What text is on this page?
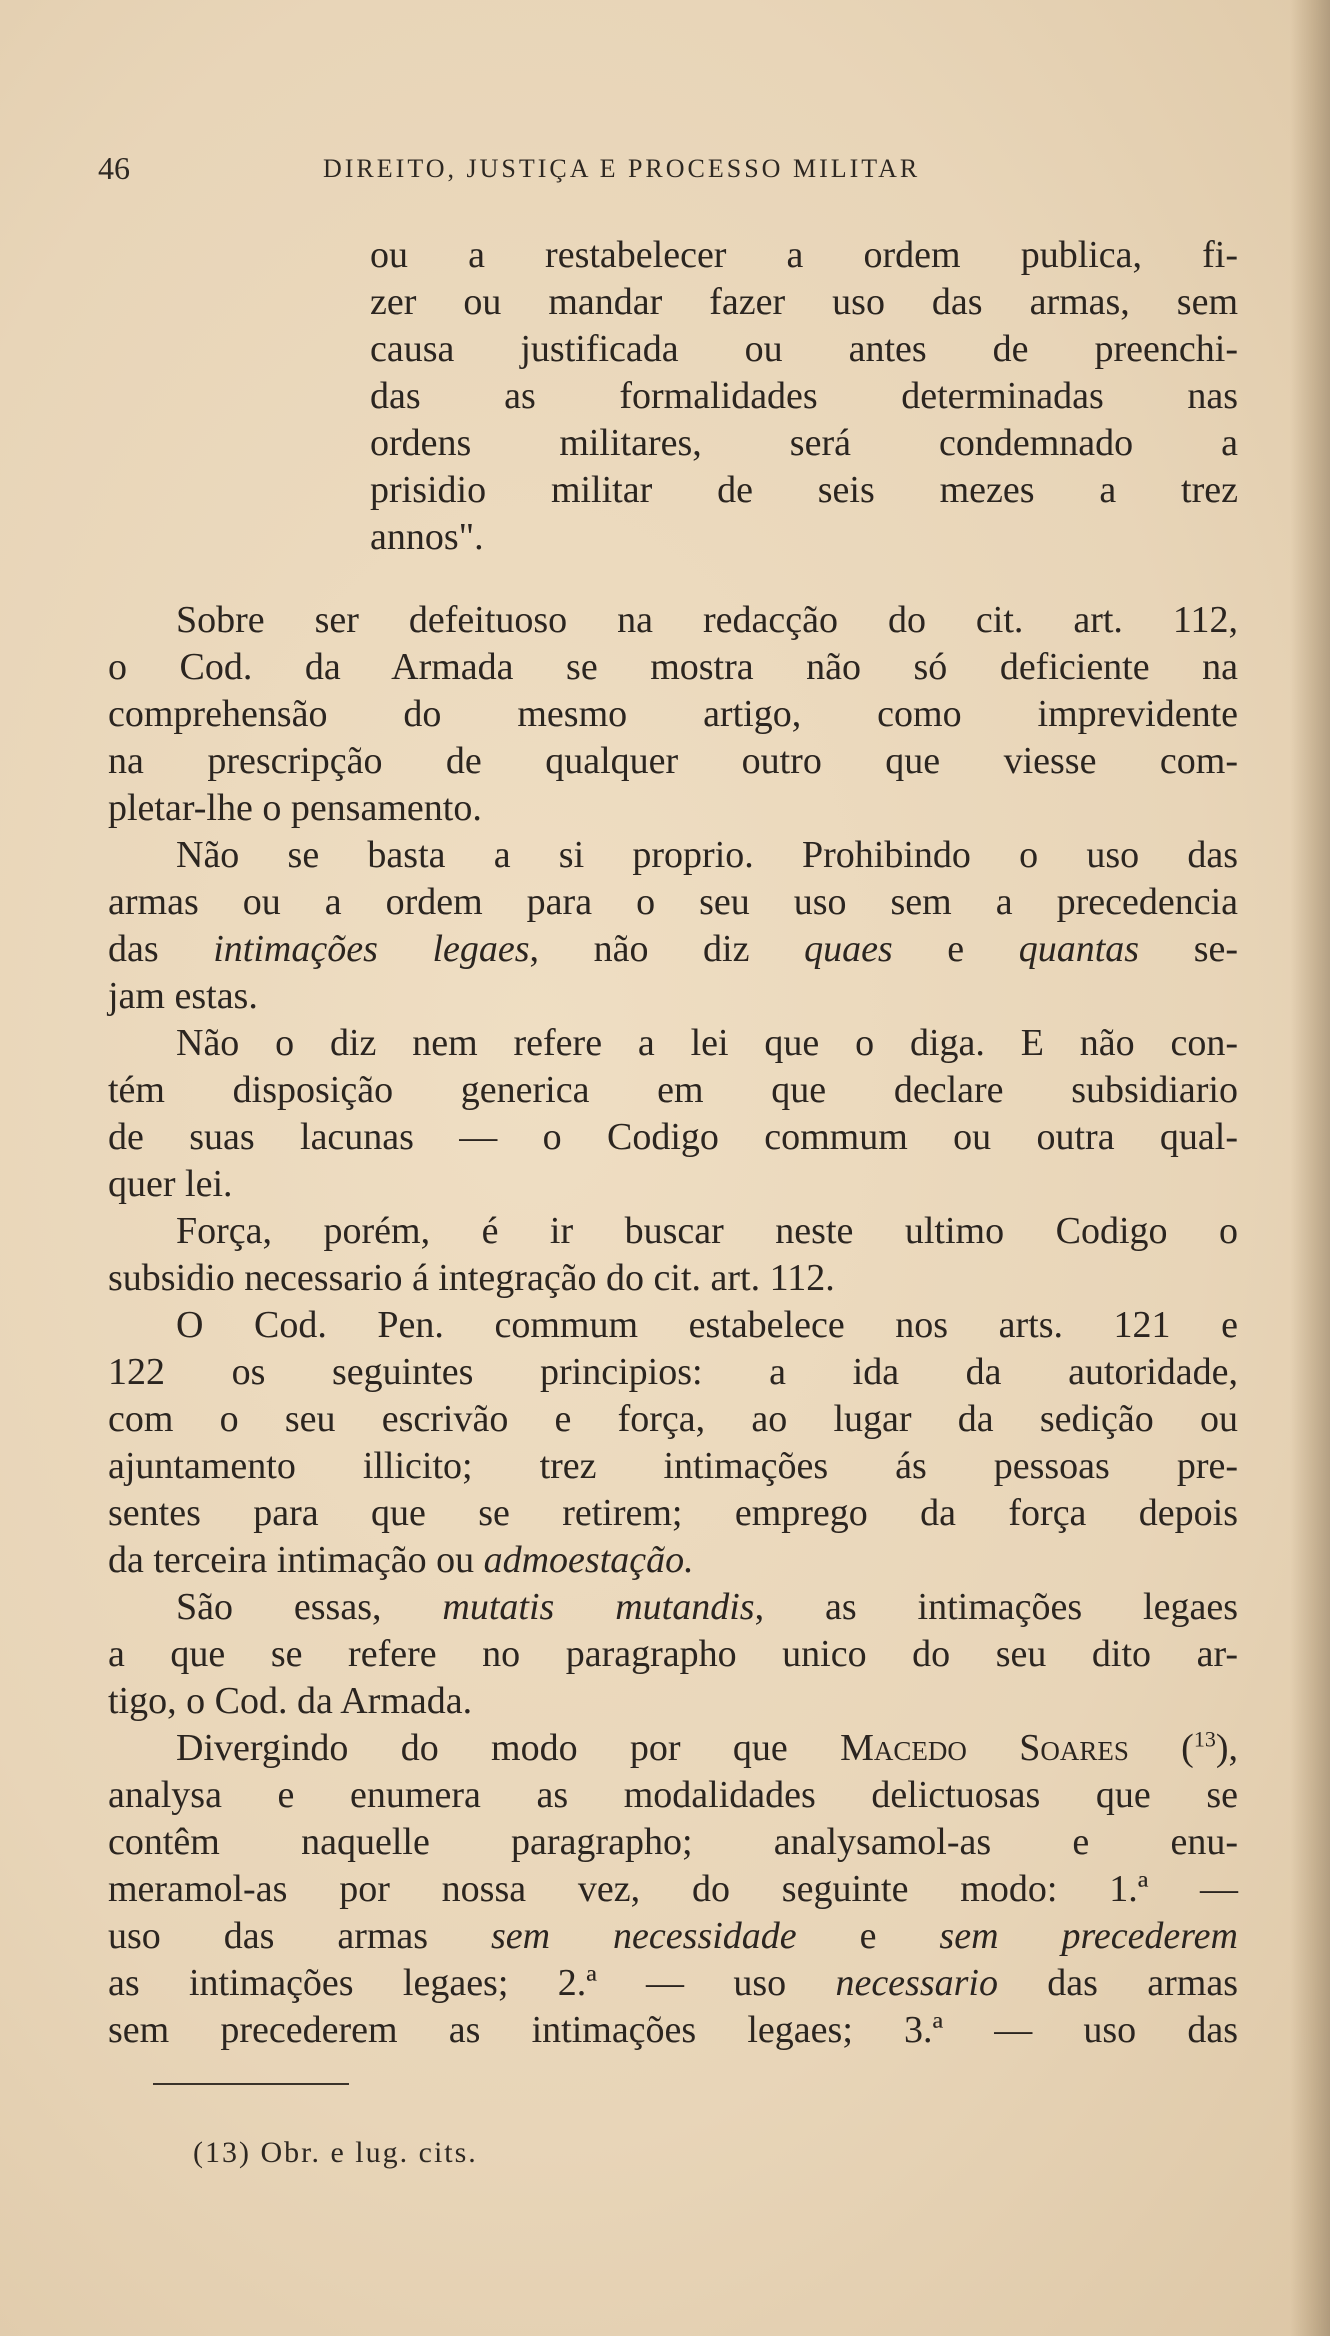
46	DIREITO, JUSTIÇA E PROCESSO MILITAR
ou a restabelecer a ordem publica, fi-
zer ou mandar fazer uso das armas, sem
causa justificada ou antes de preenchi-
das as formalidades determinadas nas
ordens militares, será condemnado a
prisidio militar de seis mezes a trez
annos".
Sobre ser defeituoso na redacção do cit. art. 112,
o Cod. da Armada se mostra não só deficiente na
comprehensão do mesmo artigo, como imprevidente
na prescripção de qualquer outro que viesse com-
pletar-lhe o pensamento.
Não se basta a si proprio. Prohibindo o uso das
armas ou a ordem para o seu uso sem a precedencia
das intimações legaes, não diz quaes e quantas se-
jam estas.
Não o diz nem refere a lei que o diga. E não con-
tém disposição generica em que declare subsidiario
de suas lacunas — o Codigo commum ou outra qual-
quer lei.
Força, porém, é ir buscar neste ultimo Codigo o
subsidio necessario á integração do cit. art. 112.
O Cod. Pen. commum estabelece nos arts. 121 e
122 os seguintes principios: a ida da autoridade,
com o seu escrivão e força, ao lugar da sedição ou
ajuntamento illicito; trez intimações ás pessoas pre-
sentes para que se retirem; emprego da força depois
da terceira intimação ou admoestação.
São essas, mutatis mutandis, as intimações legaes
a que se refere no paragrapho unico do seu dito ar-
tigo, o Cod. da Armada.
Divergindo do modo por que Macedo Soares ($^{13}$),
analysa e enumera as modalidades delictuosas que se
contêm naquelle paragrapho; analysamol-as e enu-
meramol-as por nossa vez, do seguinte modo: 1.ª —
uso das armas sem necessidade e sem precederem
as intimações legaes; 2.ª — uso necessario das armas
sem precederem as intimações legaes; 3.ª — uso das
(13) Obr. e lug. cits.
